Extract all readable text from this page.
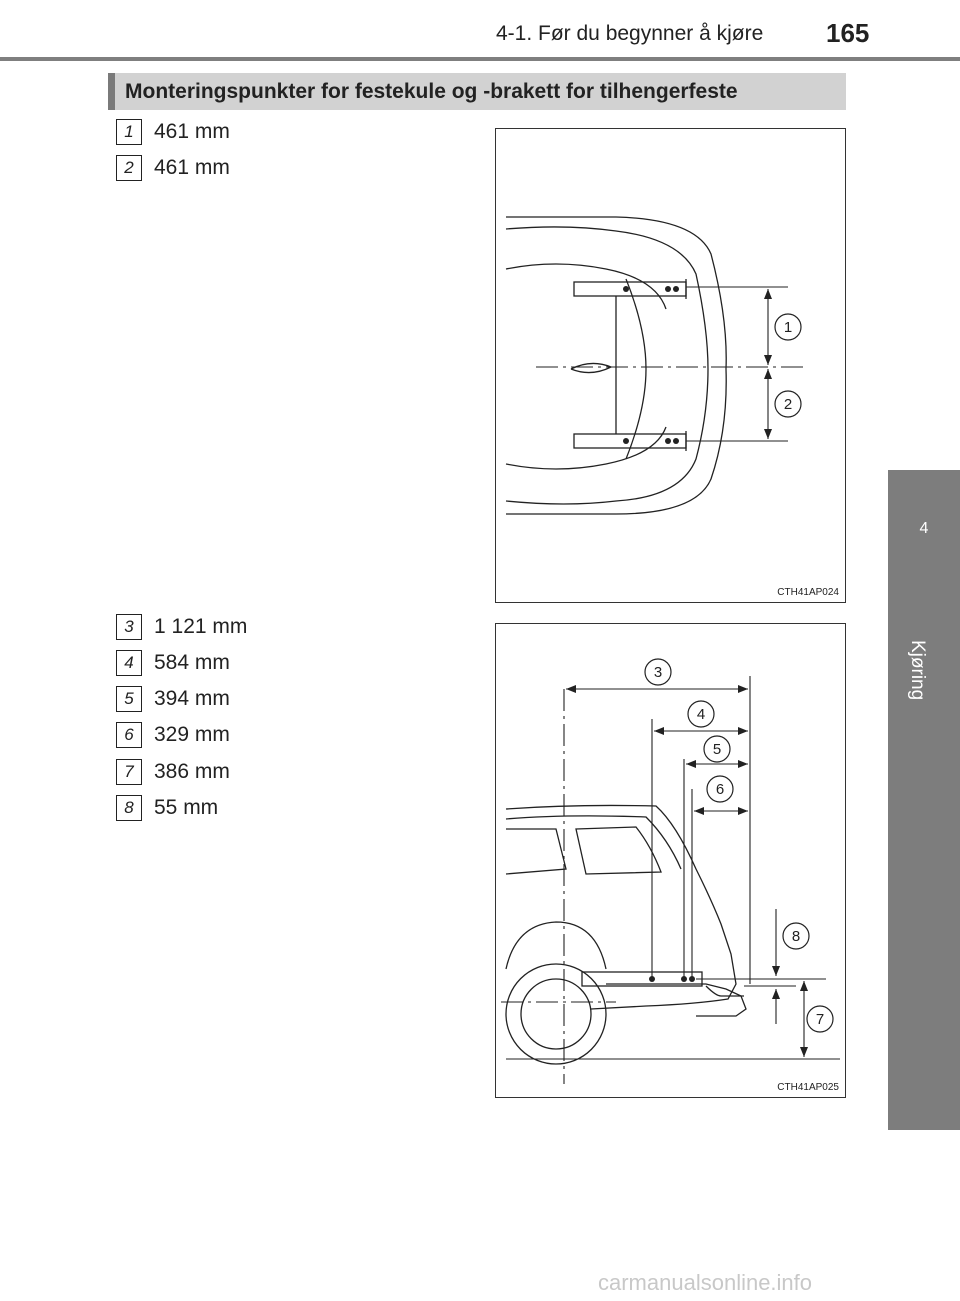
4-1. Før du begynner å kjøre 165
4
Kjøring
Monteringspunkter for festekule og -brakett for tilhengerfeste
1 461 mm
2 461 mm
3 1 121 mm
4 584 mm
5 394 mm
6 329 mm
7 386 mm
8 55 mm
1
2
CTH41AP024
3
4
5
6
7
8
CTH41AP025
carmanualsonline.info
